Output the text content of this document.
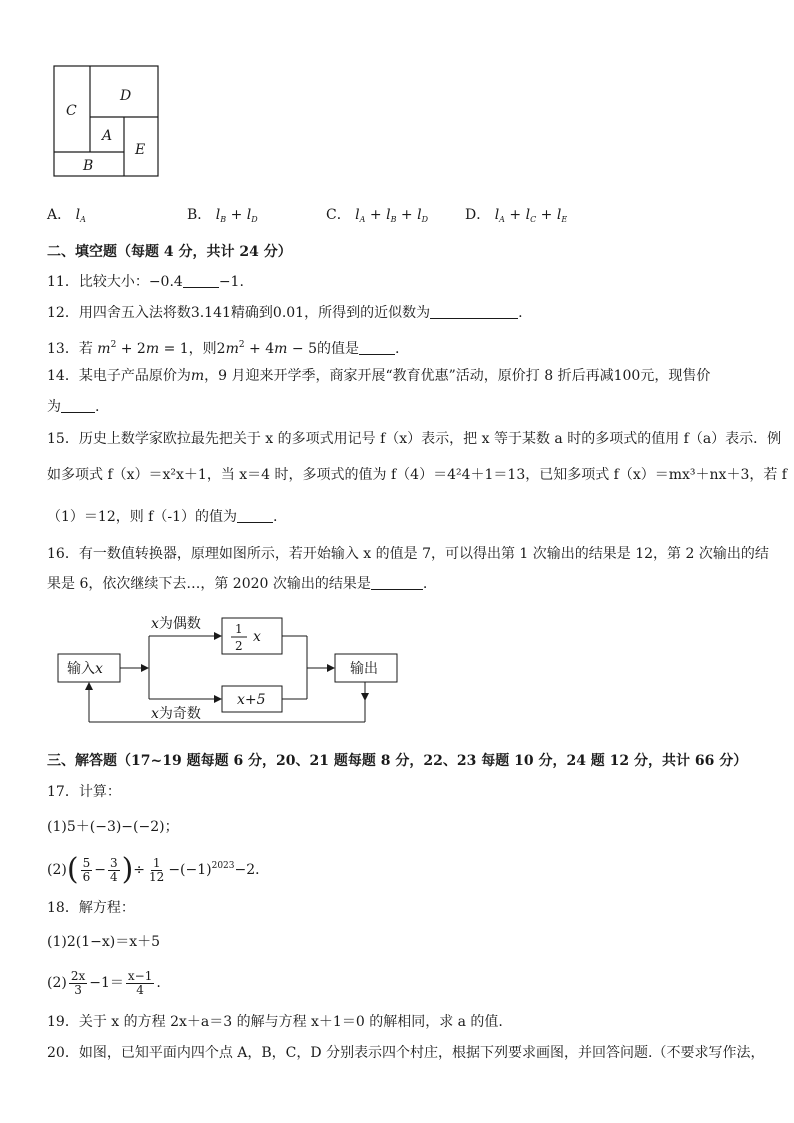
C
D
A
E
B
A． $l_A$	B． $l_B + l_D$	C． $l_A + l_B + l_D$	D． $l_A + l_C + l_E$
二、填空题（每题 4 分，共计 24 分）
11．比较大小：−0.4	−1.
12．用四舍五入法将数3.141精确到0.01，所得到的近似数为	.
13．若 $m^2 + 2m = 1$，则$2m^2 + 4m - 5$的值是	.
14．某电子产品原价为m，9 月迎来开学季，商家开展“教育优惠”活动，原价打 8 折后再减100元，现售价
为 .
15．历史上数学家欧拉最先把关于 x 的多项式用记号 f（x）表示，把 x 等于某数 a 时的多项式的值用 f（a）表示．例
如多项式 f（x）＝x²x＋1，当 x＝4 时，多项式的值为 f（4）＝4²4＋1＝13，已知多项式 f（x）＝mx³＋nx＋3，若 f
（1）＝12，则 f（-1）的值为	.
16．有一数值转换器，原理如图所示，若开始输入 x 的值是 7，可以得出第 1 次输出的结果是 12，第 2 次输出的结
果是 6，依次继续下去…，第 2020 次输出的结果是	.
输入x
x为偶数
x为奇数
1
2
x
x+5
输出
三、解答题（17~19 题每题 6 分，20、21 题每题 8 分，22、23 每题 10 分，24 题 12 分，共计 66 分）
17．计算：
(1)5＋(−3)−(−2)；
$(2)( \frac{5}{6} - \frac{3}{4}$ )÷ $\frac{1}{12} -(-1)^{2023}-2$．
18．解方程：
(1)2(1−x)＝x＋5
$(2) \frac{2x}{3} -1= \frac{x-1}{4}$ .
19．关于 x 的方程 2x＋a＝3 的解与方程 x＋1＝0 的解相同，求 a 的值.
20．如图，已知平面内四个点 A，B，C，D 分别表示四个村庄，根据下列要求画图，并回答问题.（不要求写作法，
